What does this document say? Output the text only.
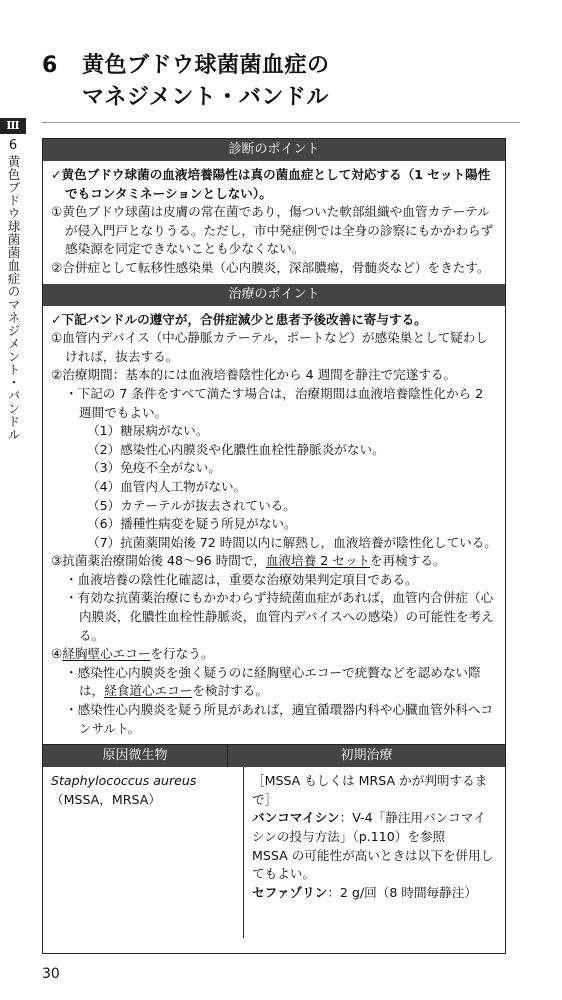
6 黄色ブドウ球菌菌血症の
マネジメント・バンドル
Ⅲ
6
黄色ブドウ球菌菌血症のマネジメント・バンドル
診断のポイント

✓黄色ブドウ球菌の血液培養陽性は真の菌血症として対応する（1 セット陽性でもコンタミネーションとしない）。

①黄色ブドウ球菌は皮膚の常在菌であり，傷ついた軟部組織や血管カテーテルが侵入門戸となりうる。ただし，市中発症例では全身の診察にもかかわらず感染源を同定できないことも少なくない。

②合併症として転移性感染巣（心内膜炎，深部膿瘍，骨髄炎など）をきたす。

治療のポイント

✓下記バンドルの遵守が，合併症減少と患者予後改善に寄与する。

①血管内デバイス（中心静脈カテーテル，ポートなど）が感染巣として疑わしければ，抜去する。

②治療期間：基本的には血液培養陰性化から 4 週間を静注で完遂する。

・下記の 7 条件をすべて満たす場合は，治療期間は血液培養陰性化から 2 週間でもよい。

（1）糖尿病がない。

（2）感染性心内膜炎や化膿性血栓性静脈炎がない。

（3）免疫不全がない。

（4）血管内人工物がない。

（5）カテーテルが抜去されている。

（6）播種性病変を疑う所見がない。

（7）抗菌薬開始後 72 時間以内に解熱し，血液培養が陰性化している。

③抗菌薬治療開始後 48〜96 時間で，血液培養 2 セットを再検する。

・血液培養の陰性化確認は，重要な治療効果判定項目である。

・有効な抗菌薬治療にもかかわらず持続菌血症があれば，血管内合併症（心内膜炎，化膿性血栓性静脈炎，血管内デバイスへの感染）の可能性を考える。

④経胸壁心エコーを行なう。

・感染性心内膜炎を強く疑うのに経胸壁心エコーで疣贅などを認めない際は，経食道心エコーを検討する。

・感染性心内膜炎を疑う所見があれば，適宜循環器内科や心臓血管外科へコンサルト。

原因微生物	初期治療
Staphylococcus aureus
（MSSA，MRSA）
［MSSA もしくは MRSA かが判明するまで］
バンコマイシン：V-4「静注用バンコマイシンの投与方法」（p.110）を参照
MSSA の可能性が高いときは以下を併用してもよい。
セファゾリン：2 g/回（8 時間毎静注）
30
